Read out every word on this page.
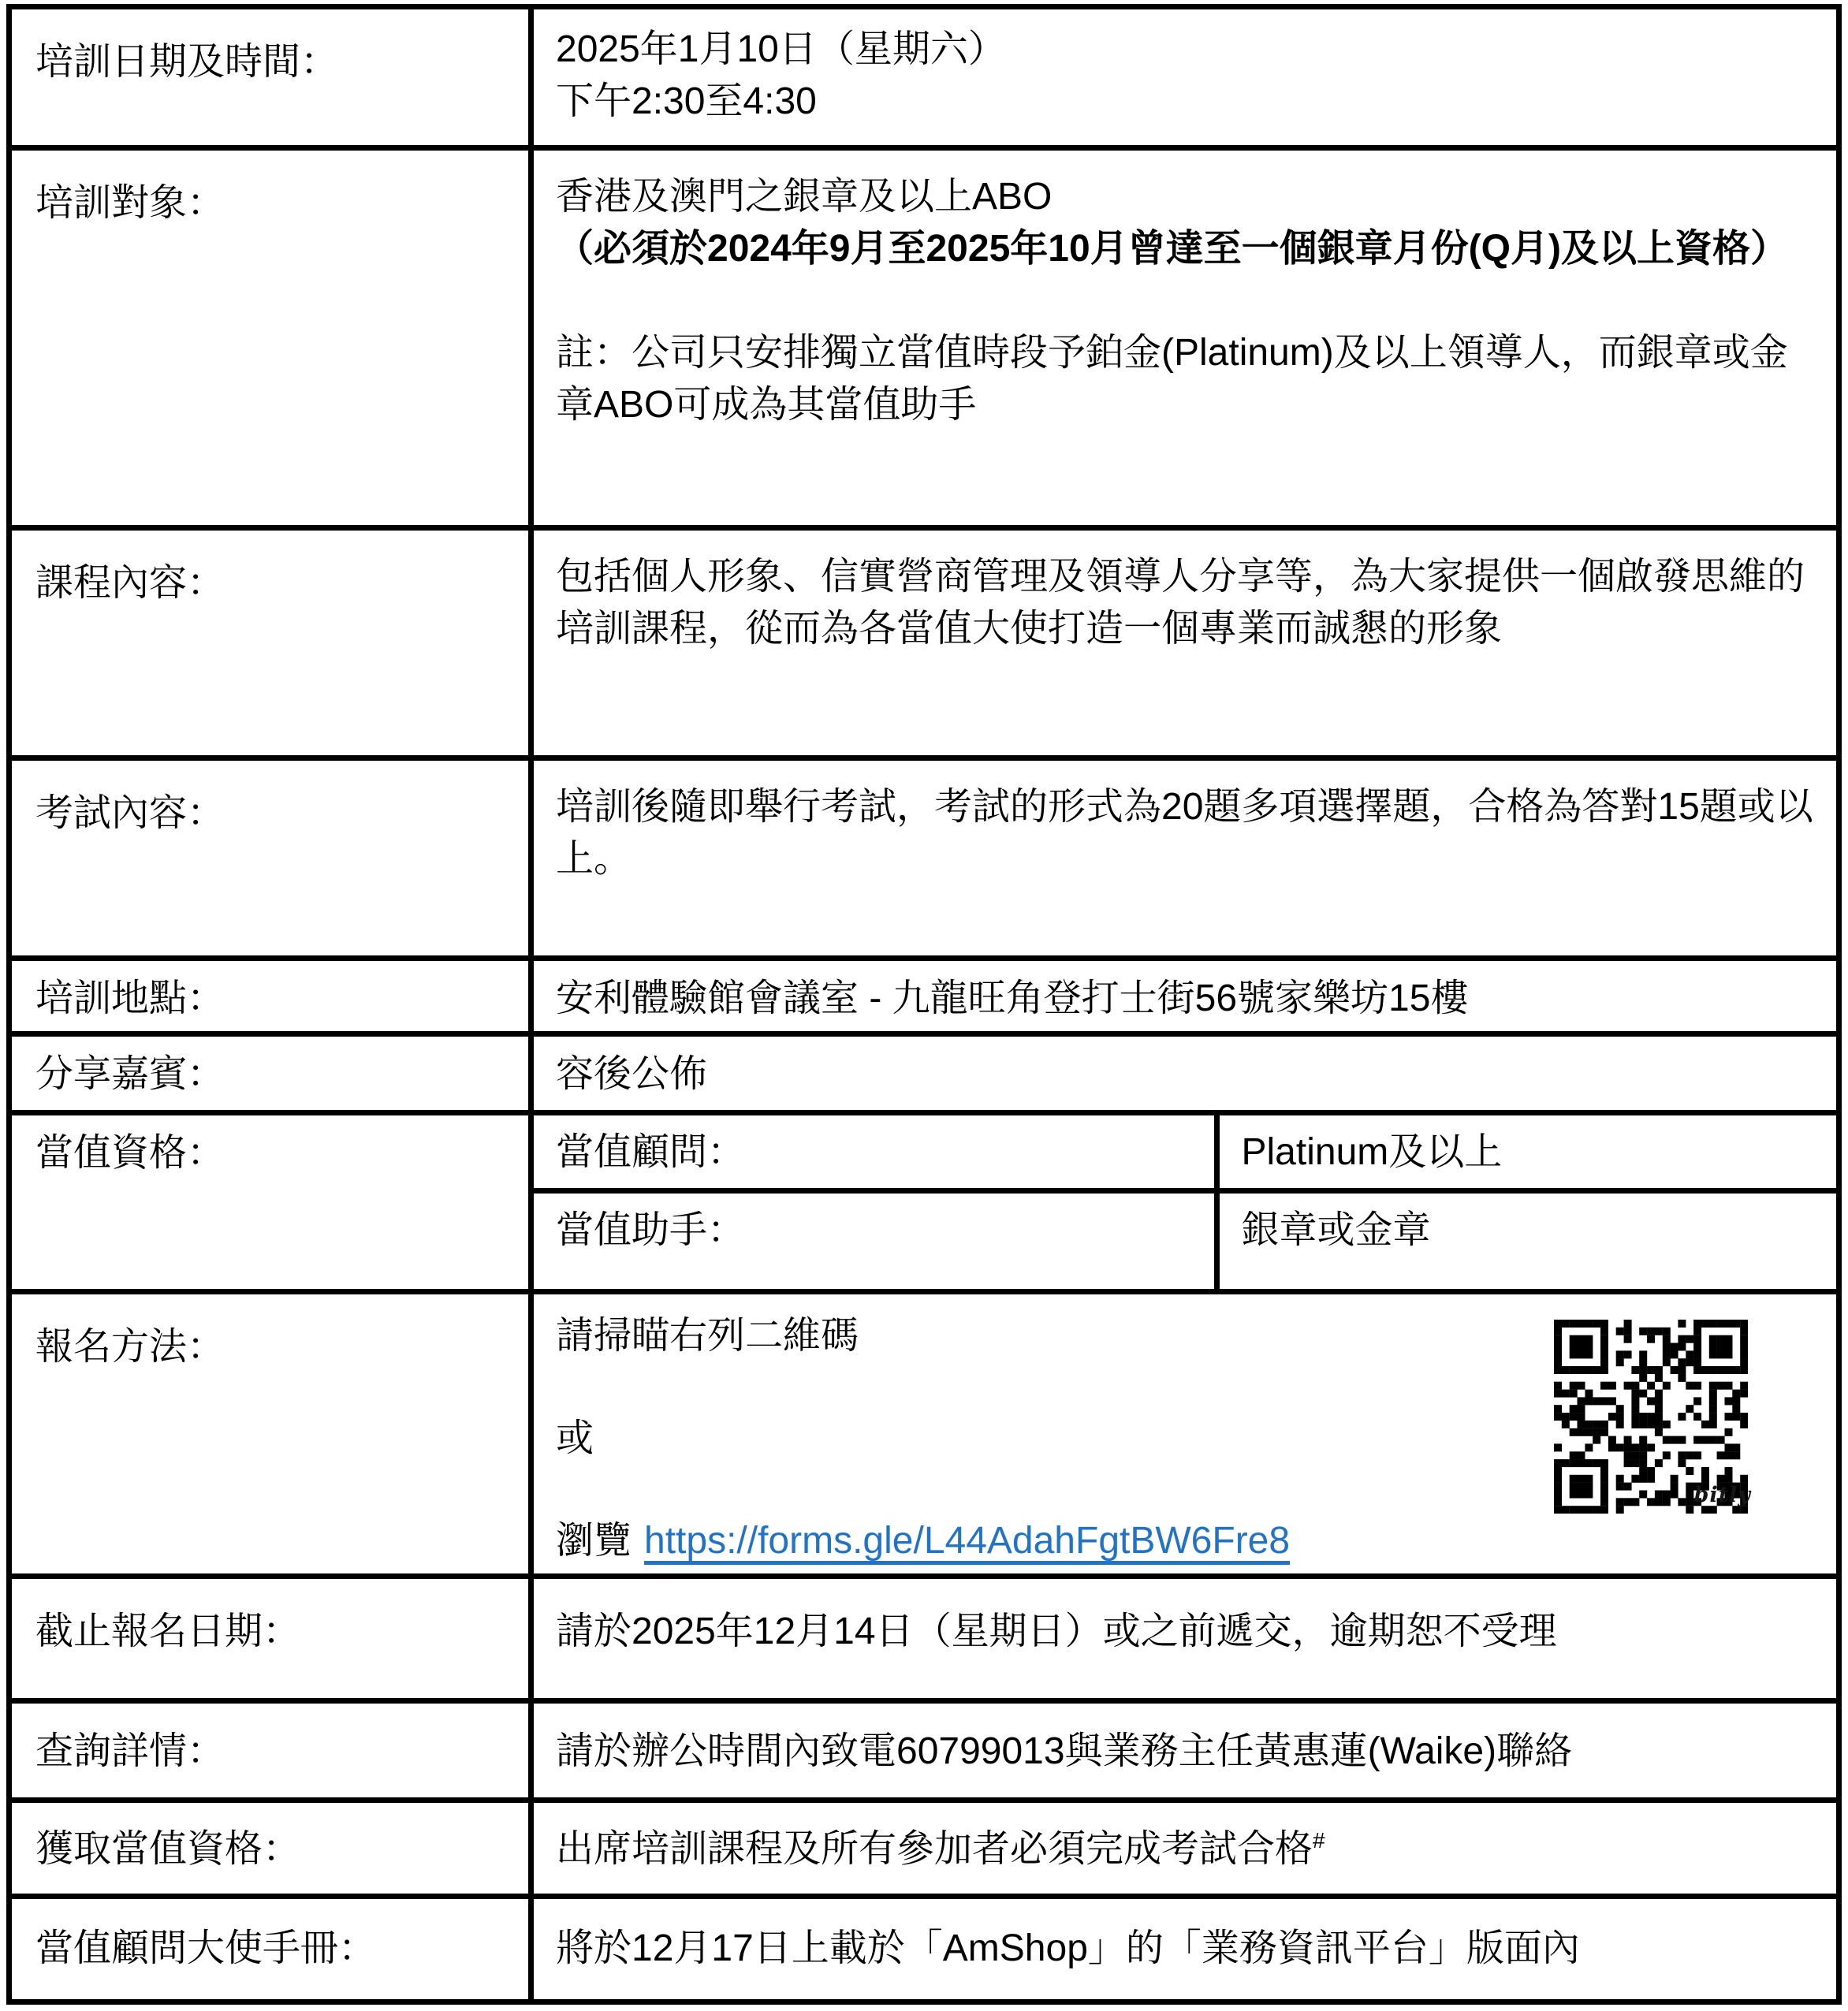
培訓日期及時間：	2025年1月10日（星期六）
下午2:30至4:30

培訓對象：	香港及澳門之銀章及以上ABO
（必須於2024年9月至2025年10月曾達至一個銀章月份(Q月)及以上資格）
註：公司只安排獨立當值時段予鉑金(Platinum)及以上領導人，而銀章或金章ABO可成為其當值助手

課程內容：	包括個人形象、信實營商管理及領導人分享等，為大家提供一個啟發思維的培訓課程，從而為各當值大使打造一個專業而誠懇的形象
考試內容：	培訓後隨即舉行考試，考試的形式為20題多項選擇題，合格為答對15題或以上。
培訓地點：	安利體驗館會議室 - 九龍旺角登打士街56號家樂坊15樓
分享嘉賓：	容後公佈
當值資格：		當值顧問：	Platinum及以上
當值助手：	銀章或金章

報名方法：	請掃瞄右列二維碼

或

瀏覽 https://forms.gle/L44AdahFgtBW6Fre8

bitly

截止報名日期：	請於2025年12月14日（星期日）或之前遞交，逾期恕不受理
查詢詳情：	請於辦公時間內致電60799013與業務主任黃惠蓮(Waike)聯絡
獲取當值資格：	出席培訓課程及所有參加者必須完成考試合格#
當值顧問大使手冊：	將於12月17日上載於「AmShop」的「業務資訊平台」版面內
